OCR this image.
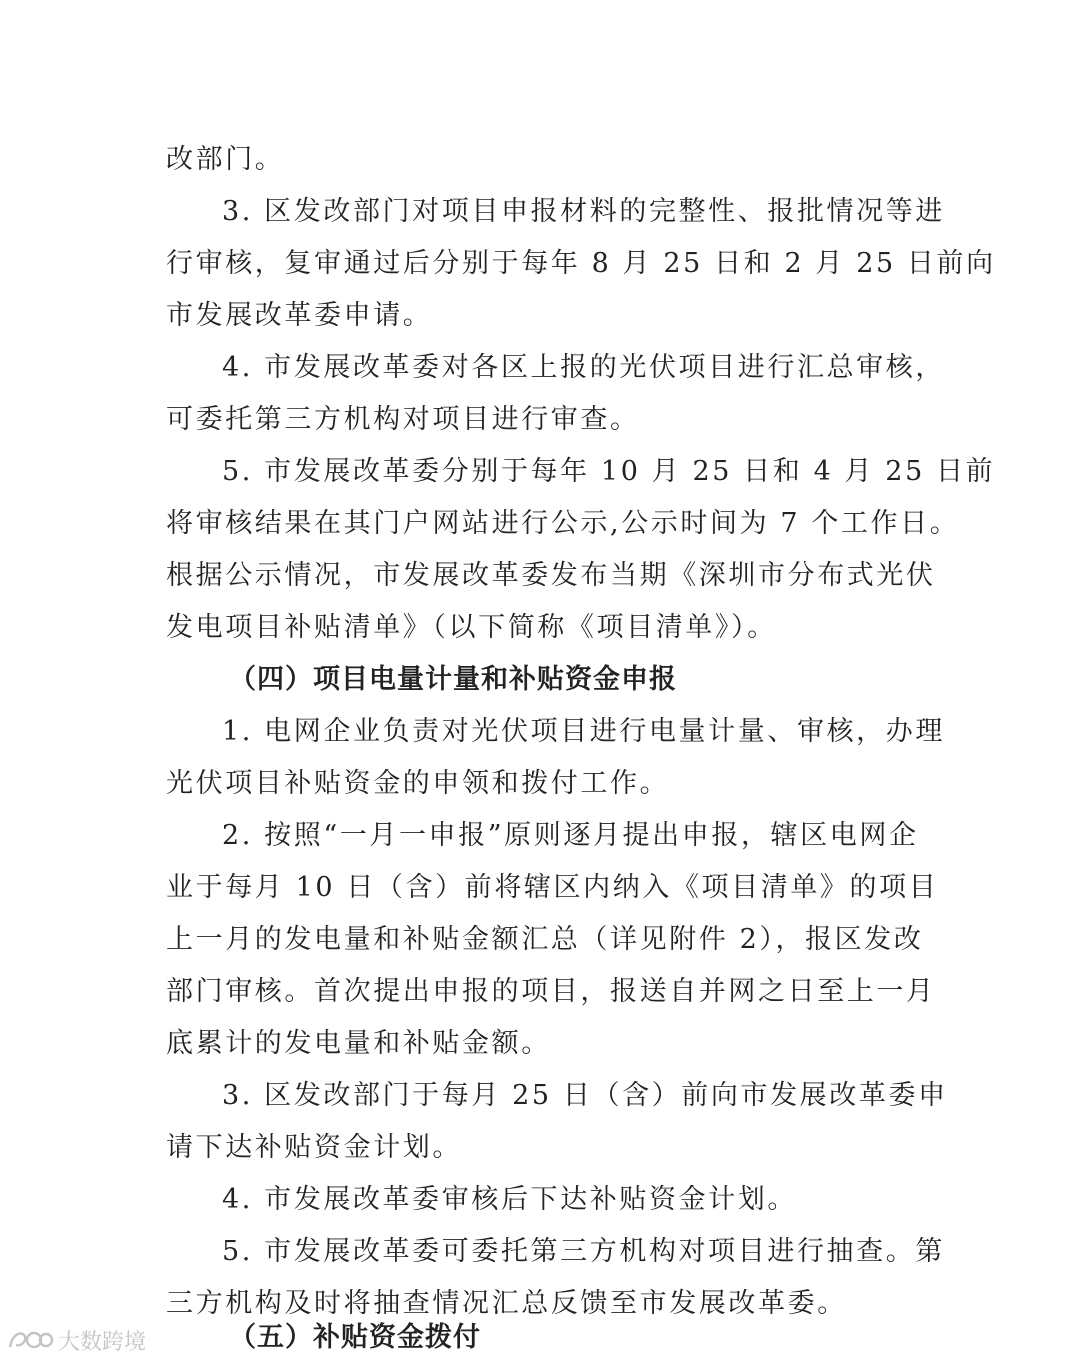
改部门。
3. 区发改部门对项目申报材料的完整性、报批情况等进
行审核，复审通过后分别于每年 8 月 25 日和 2 月 25 日前向
市发展改革委申请。
4. 市发展改革委对各区上报的光伏项目进行汇总审核，
可委托第三方机构对项目进行审查。
5. 市发展改革委分别于每年 10 月 25 日和 4 月 25 日前
将审核结果在其门户网站进行公示,公示时间为 7 个工作日。
根据公示情况，市发展改革委发布当期《深圳市分布式光伏
发电项目补贴清单》（以下简称《项目清单》）。
（四）项目电量计量和补贴资金申报
1. 电网企业负责对光伏项目进行电量计量、审核，办理
光伏项目补贴资金的申领和拨付工作。
2. 按照“一月一申报”原则逐月提出申报，辖区电网企
业于每月 10 日（含）前将辖区内纳入《项目清单》的项目
上一月的发电量和补贴金额汇总（详见附件 2），报区发改
部门审核。首次提出申报的项目，报送自并网之日至上一月
底累计的发电量和补贴金额。
3. 区发改部门于每月 25 日（含）前向市发展改革委申
请下达补贴资金计划。
4. 市发展改革委审核后下达补贴资金计划。
5. 市发展改革委可委托第三方机构对项目进行抽查。第
三方机构及时将抽查情况汇总反馈至市发展改革委。
（五）补贴资金拨付
大数跨境
